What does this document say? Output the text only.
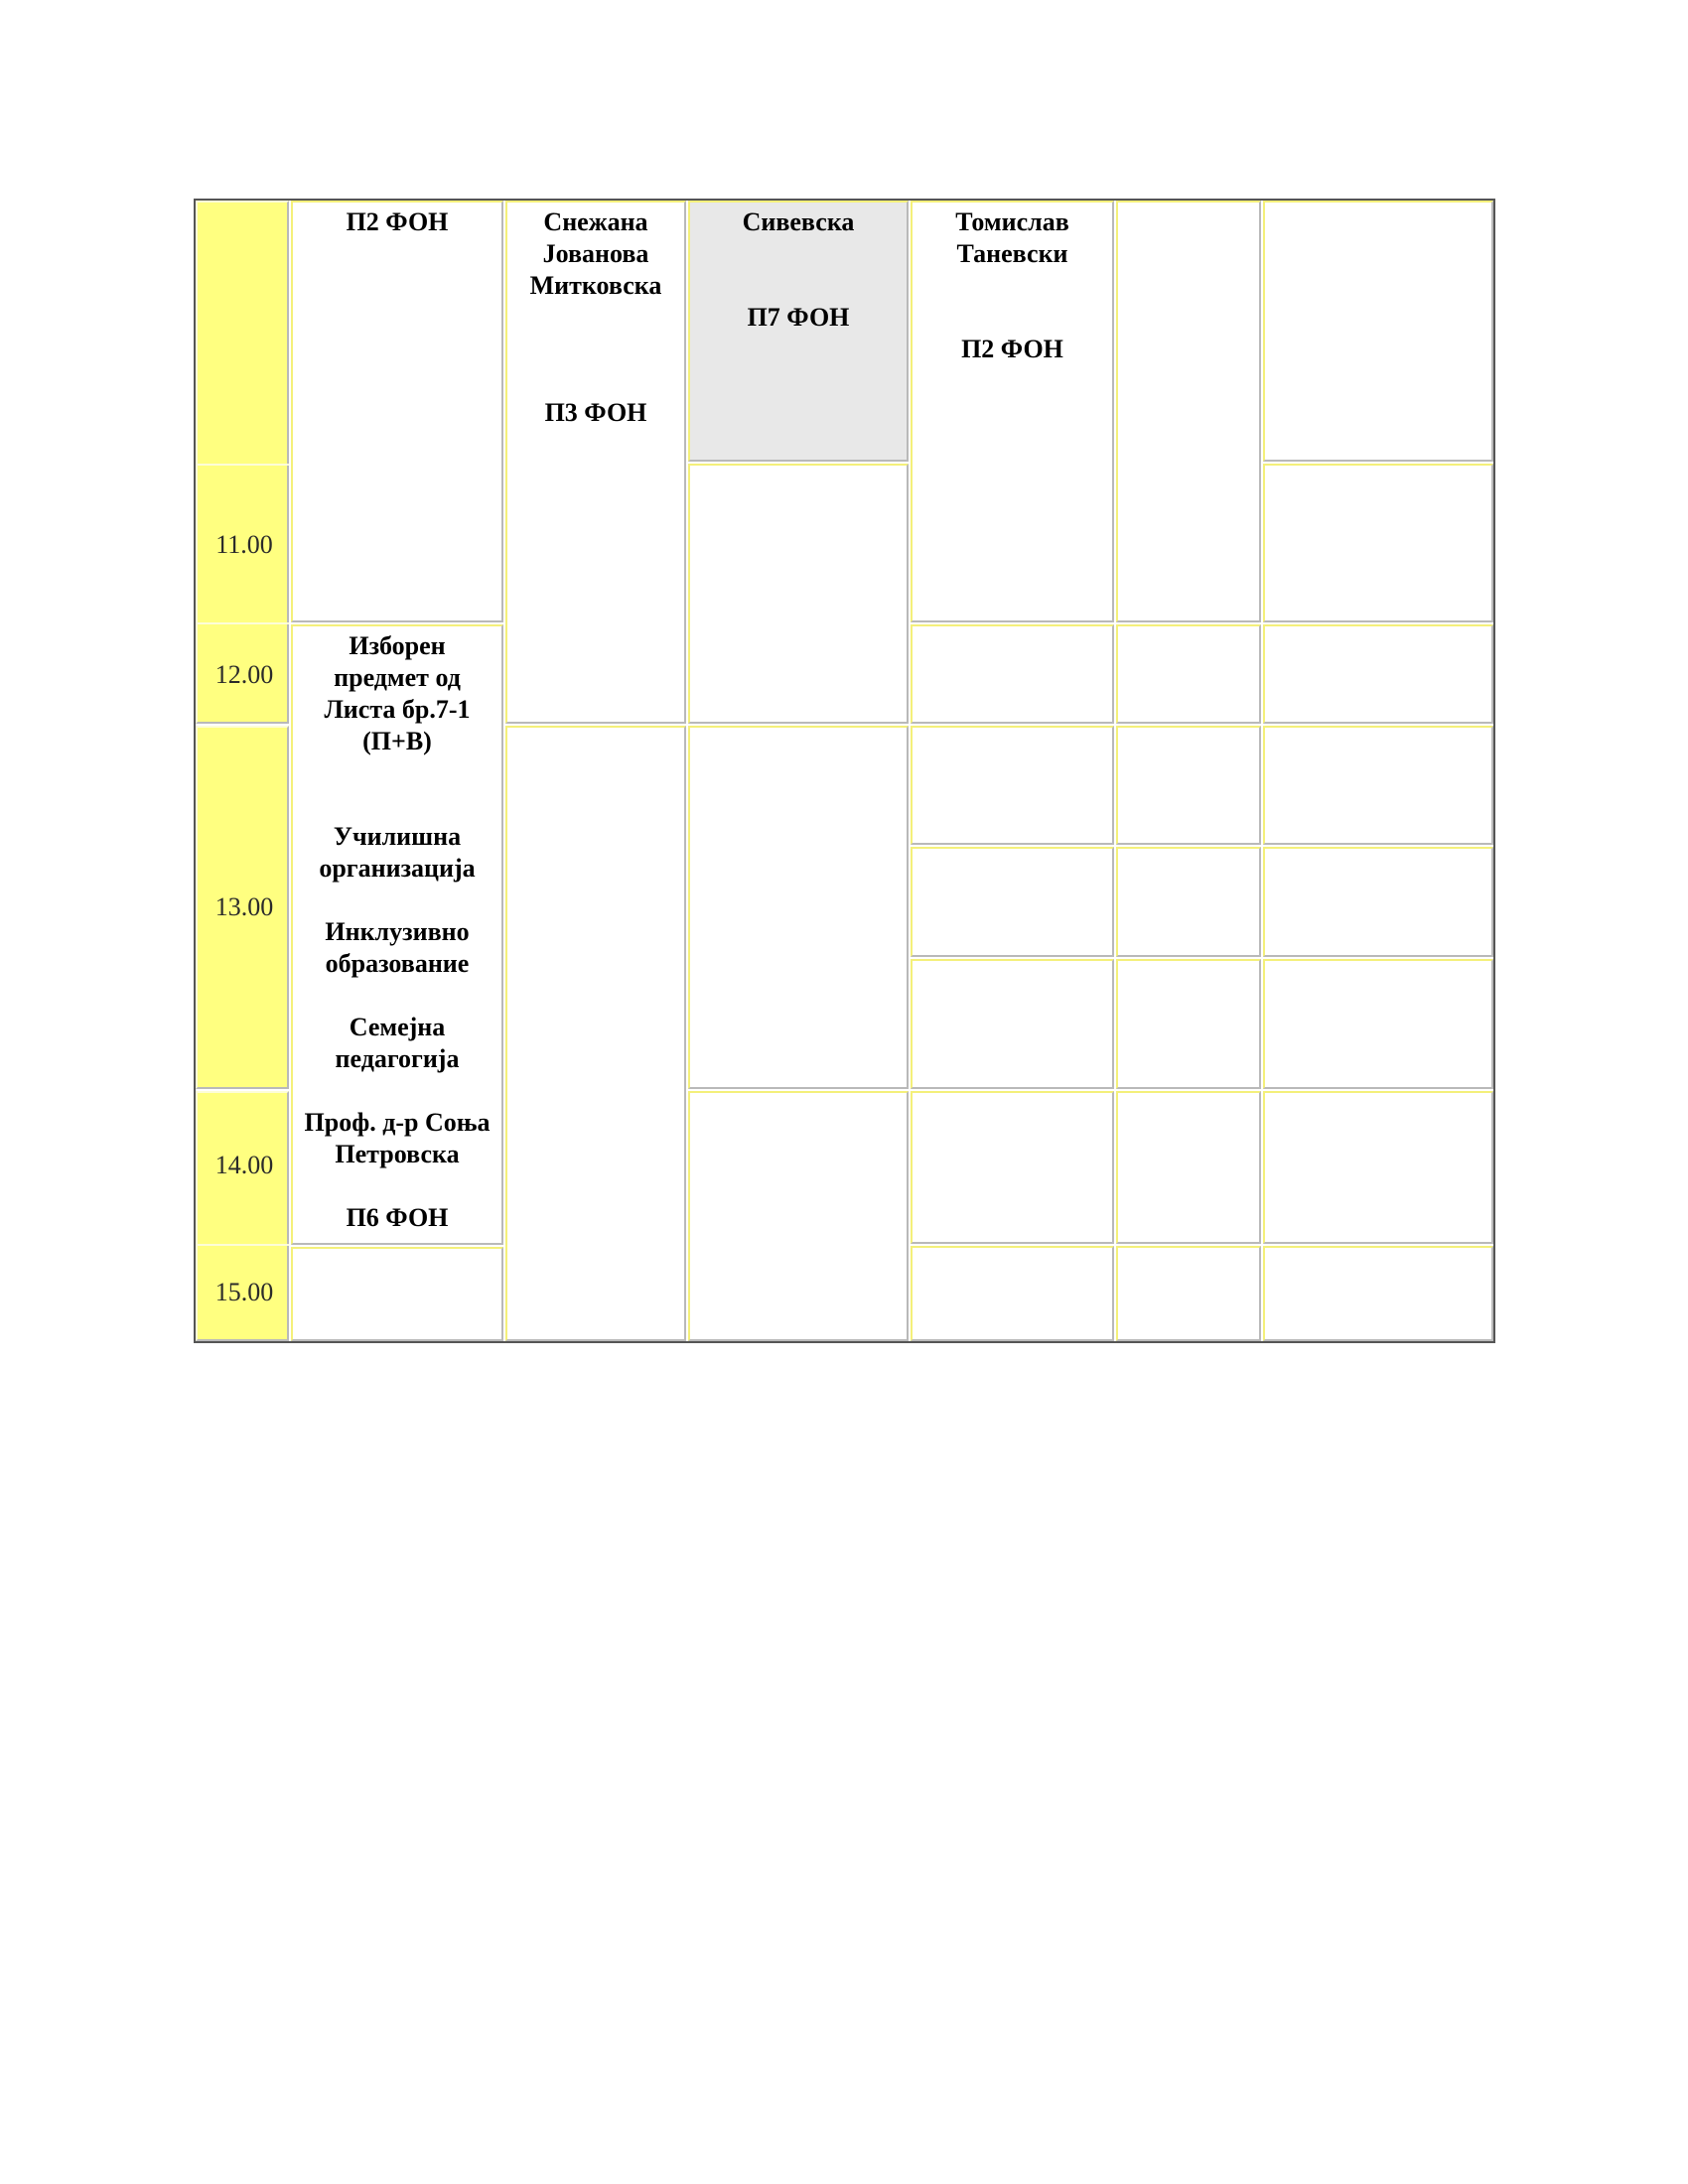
11.00
12.00
13.00
14.00
15.00
П2 ФОН
Изборен
предмет од
Листа бр.7-1
(П+В)

Училишна
организација

Инклузивно
образование

Семејна
педагогија

Проф. д-р Соња
Петровска

П6 ФОН
Снежана
Јованова
Митковска

П3 ФОН
Сивевска

П7 ФОН
Томислав
Таневски

П2 ФОН
